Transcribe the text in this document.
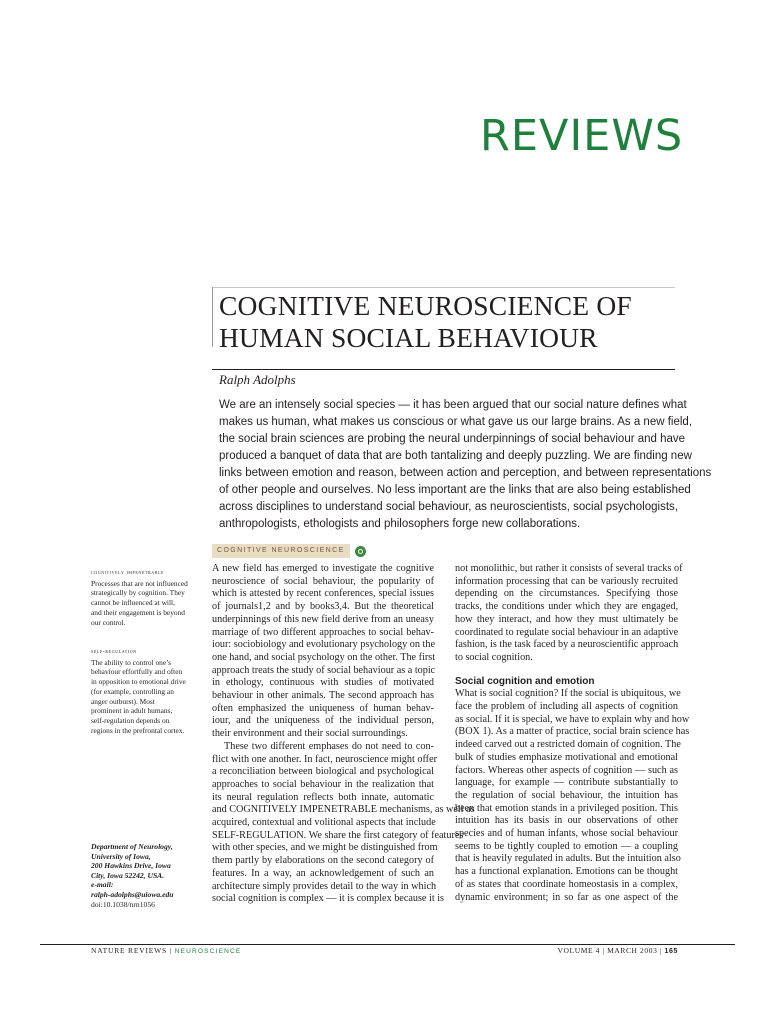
REVIEWS
COGNITIVE NEUROSCIENCE OF
HUMAN SOCIAL BEHAVIOUR
Ralph Adolphs

We are an intensely social species — it has been argued that our social nature defines what
makes us human, what makes us conscious or what gave us our large brains. As a new field,
the social brain sciences are probing the neural underpinnings of social behaviour and have
produced a banquet of data that are both tantalizing and deeply puzzling. We are finding new
links between emotion and reason, between action and perception, and between representations
of other people and ourselves. No less important are the links that are also being established
across disciplines to understand social behaviour, as neuroscientists, social psychologists,
anthropologists, ethologists and philosophers forge new collaborations.

COGNITIVE NEUROSCIENCE
cognitively impenetrable
Processes that are not influenced
strategically by cognition. They
cannot be influenced at will,
and their engagement is beyond
our control.
self-regulation
The ability to control one’s
behaviour effortfully and often
in opposition to emotional drive
(for example, controlling an
anger outburst). Most
prominent in adult humans,
self-regulation depends on
regions in the prefrontal cortex.
Department of Neurology,
University of Iowa,
200 Hawkins Drive, Iowa
City, Iowa 52242, USA.
e-mail:
ralph-adolphs@uiowa.edu
doi:10.1038/nrn1056
A new field has emerged to investigate the cognitive
neuroscience of social behaviour, the popularity of
which is attested by recent conferences, special issues
of journals1,2 and by books3,4. But the theoretical
underpinnings of this new field derive from an uneasy
marriage of two different approaches to social behav-
iour: sociobiology and evolutionary psychology on the
one hand, and social psychology on the other. The first
approach treats the study of social behaviour as a topic
in ethology, continuous with studies of motivated
behaviour in other animals. The second approach has
often emphasized the uniqueness of human behav-
iour, and the uniqueness of the individual person,
their environment and their social surroundings.
These two different emphases do not need to con-
flict with one another. In fact, neuroscience might offer
a reconciliation between biological and psychological
approaches to social behaviour in the realization that
its neural regulation reflects both innate, automatic
and COGNITIVELY IMPENETRABLE mechanisms, as well as
acquired, contextual and volitional aspects that include
SELF-REGULATION. We share the first category of features
with other species, and we might be distinguished from
them partly by elaborations on the second category of
features. In a way, an acknowledgement of such an
architecture simply provides detail to the way in which
social cognition is complex — it is complex because it is
not monolithic, but rather it consists of several tracks of
information processing that can be variously recruited
depending on the circumstances. Specifying those
tracks, the conditions under which they are engaged,
how they interact, and how they must ultimately be
coordinated to regulate social behaviour in an adaptive
fashion, is the task faced by a neuroscientific approach
to social cognition.
Social cognition and emotion
What is social cognition? If the social is ubiquitous, we
face the problem of including all aspects of cognition
as social. If it is special, we have to explain why and how
(BOX 1). As a matter of practice, social brain science has
indeed carved out a restricted domain of cognition. The
bulk of studies emphasize motivational and emotional
factors. Whereas other aspects of cognition — such as
language, for example — contribute substantially to
the regulation of social behaviour, the intuition has
been that emotion stands in a privileged position. This
intuition has its basis in our observations of other
species and of human infants, whose social behaviour
seems to be tightly coupled to emotion — a coupling
that is heavily regulated in adults. But the intuition also
has a functional explanation. Emotions can be thought
of as states that coordinate homeostasis in a complex,
dynamic environment; in so far as one aspect of the
NATURE REVIEWS | NEUROSCIENCE	VOLUME 4 | MARCH 2003 | 165
